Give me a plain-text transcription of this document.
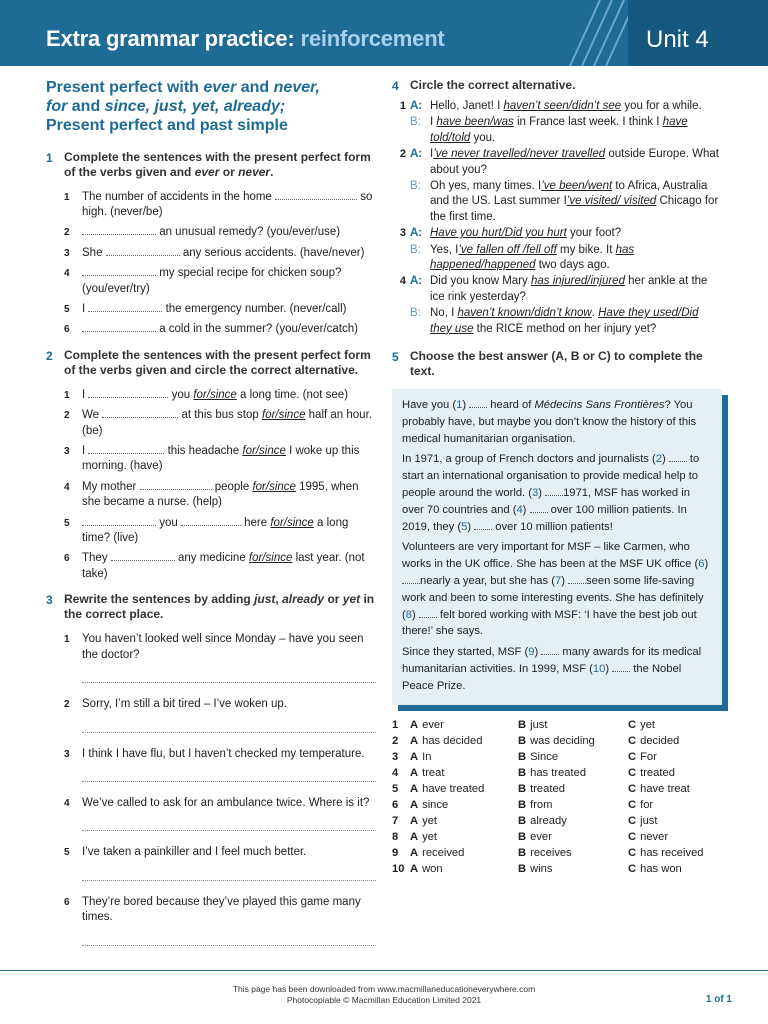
Extra grammar practice: reinforcement	Unit 4
Present perfect with ever and never,
for and since, just, yet, already;
Present perfect and past simple
1 Complete the sentences with the present perfect form of the verbs given and ever or never.
1 The number of accidents in the home	so high. (never/be)
2	an unusual remedy? (you/ever/use)
3 She	any serious accidents. (have/never)
4	my special recipe for chicken soup? (you/ever/try)
5 I	the emergency number. (never/call)
6	a cold in the summer? (you/ever/catch)
2 Complete the sentences with the present perfect form of the verbs given and circle the correct alternative.
1 I	you for/since a long time. (not see)
2 We	at this bus stop for/since half an hour. (be)
3 I	this headache for/since I woke up this morning. (have)
4 My mother	people for/since 1995, when she became a nurse. (help)
5	you	here for/since a long time? (live)
6 They	any medicine for/since last year. (not take)
3 Rewrite the sentences by adding just, already or yet in the correct place.
1 You haven’t looked well since Monday – have you seen the doctor?
2 Sorry, I’m still a bit tired – I’ve woken up.
3 I think I have flu, but I haven’t checked my temperature.
4 We’ve called to ask for an ambulance twice. Where is it?
5 I’ve taken a painkiller and I feel much better.
6 They’re bored because they’ve played this game many times.
4 Circle the correct alternative.
1 A: Hello, Janet! I haven’t seen/didn’t see you for a while.
B: I have been/was in France last week. I think I have told/told you.
2 A: I’ve never travelled/never travelled outside Europe. What about you?
B: Oh yes, many times. I’ve been/went to Africa, Australia and the US. Last summer I’ve visited/ visited Chicago for the first time.
3 A: Have you hurt/Did you hurt your foot?
B: Yes, I’ve fallen off /fell off my bike. It has happened/happened two days ago.
4 A: Did you know Mary has injured/injured her ankle at the ice rink yesterday?
B: No, I haven’t known/didn’t know. Have they used/Did they use the RICE method on her injury yet?
5 Choose the best answer (A, B or C) to complete the text.

Have you (1)  heard of Médecins Sans Frontières? You probably have, but maybe you don’t know the history of this medical humanitarian organisation.

In 1971, a group of French doctors and journalists (2)  to start an international organisation to provide medical help to people around the world. (3) 1971, MSF has worked in over 70 countries and (4)  over 100 million patients. In 2019, they (5)  over 10 million patients!

Volunteers are very important for MSF – like Carmen, who works in the UK office. She has been at the MSF UK office (6) nearly a year, but she has (7) seen some life-saving work and been to some interesting events. She has definitely (8)  felt bored working with MSF: ‘I have the best job out there!’ she says.

Since they started, MSF (9)  many awards for its medical humanitarian activities. In 1999, MSF (10)  the Nobel Peace Prize.

1	A ever	B just	C yet
2	A has decided	B was deciding	C decided
3	A In	B Since	C For
4	A treat	B has treated	C treated
5	A have treated	B treated	C have treat
6	A since	B from	C for
7	A yet	B already	C just
8	A yet	B ever	C never
9	A received	B receives	C has received
10 A won	B wins	C has won
This page has been downloaded from www.macmillaneducationeverywhere.com
Photocopiable © Macmillan Education Limited 2021	1 of 1
